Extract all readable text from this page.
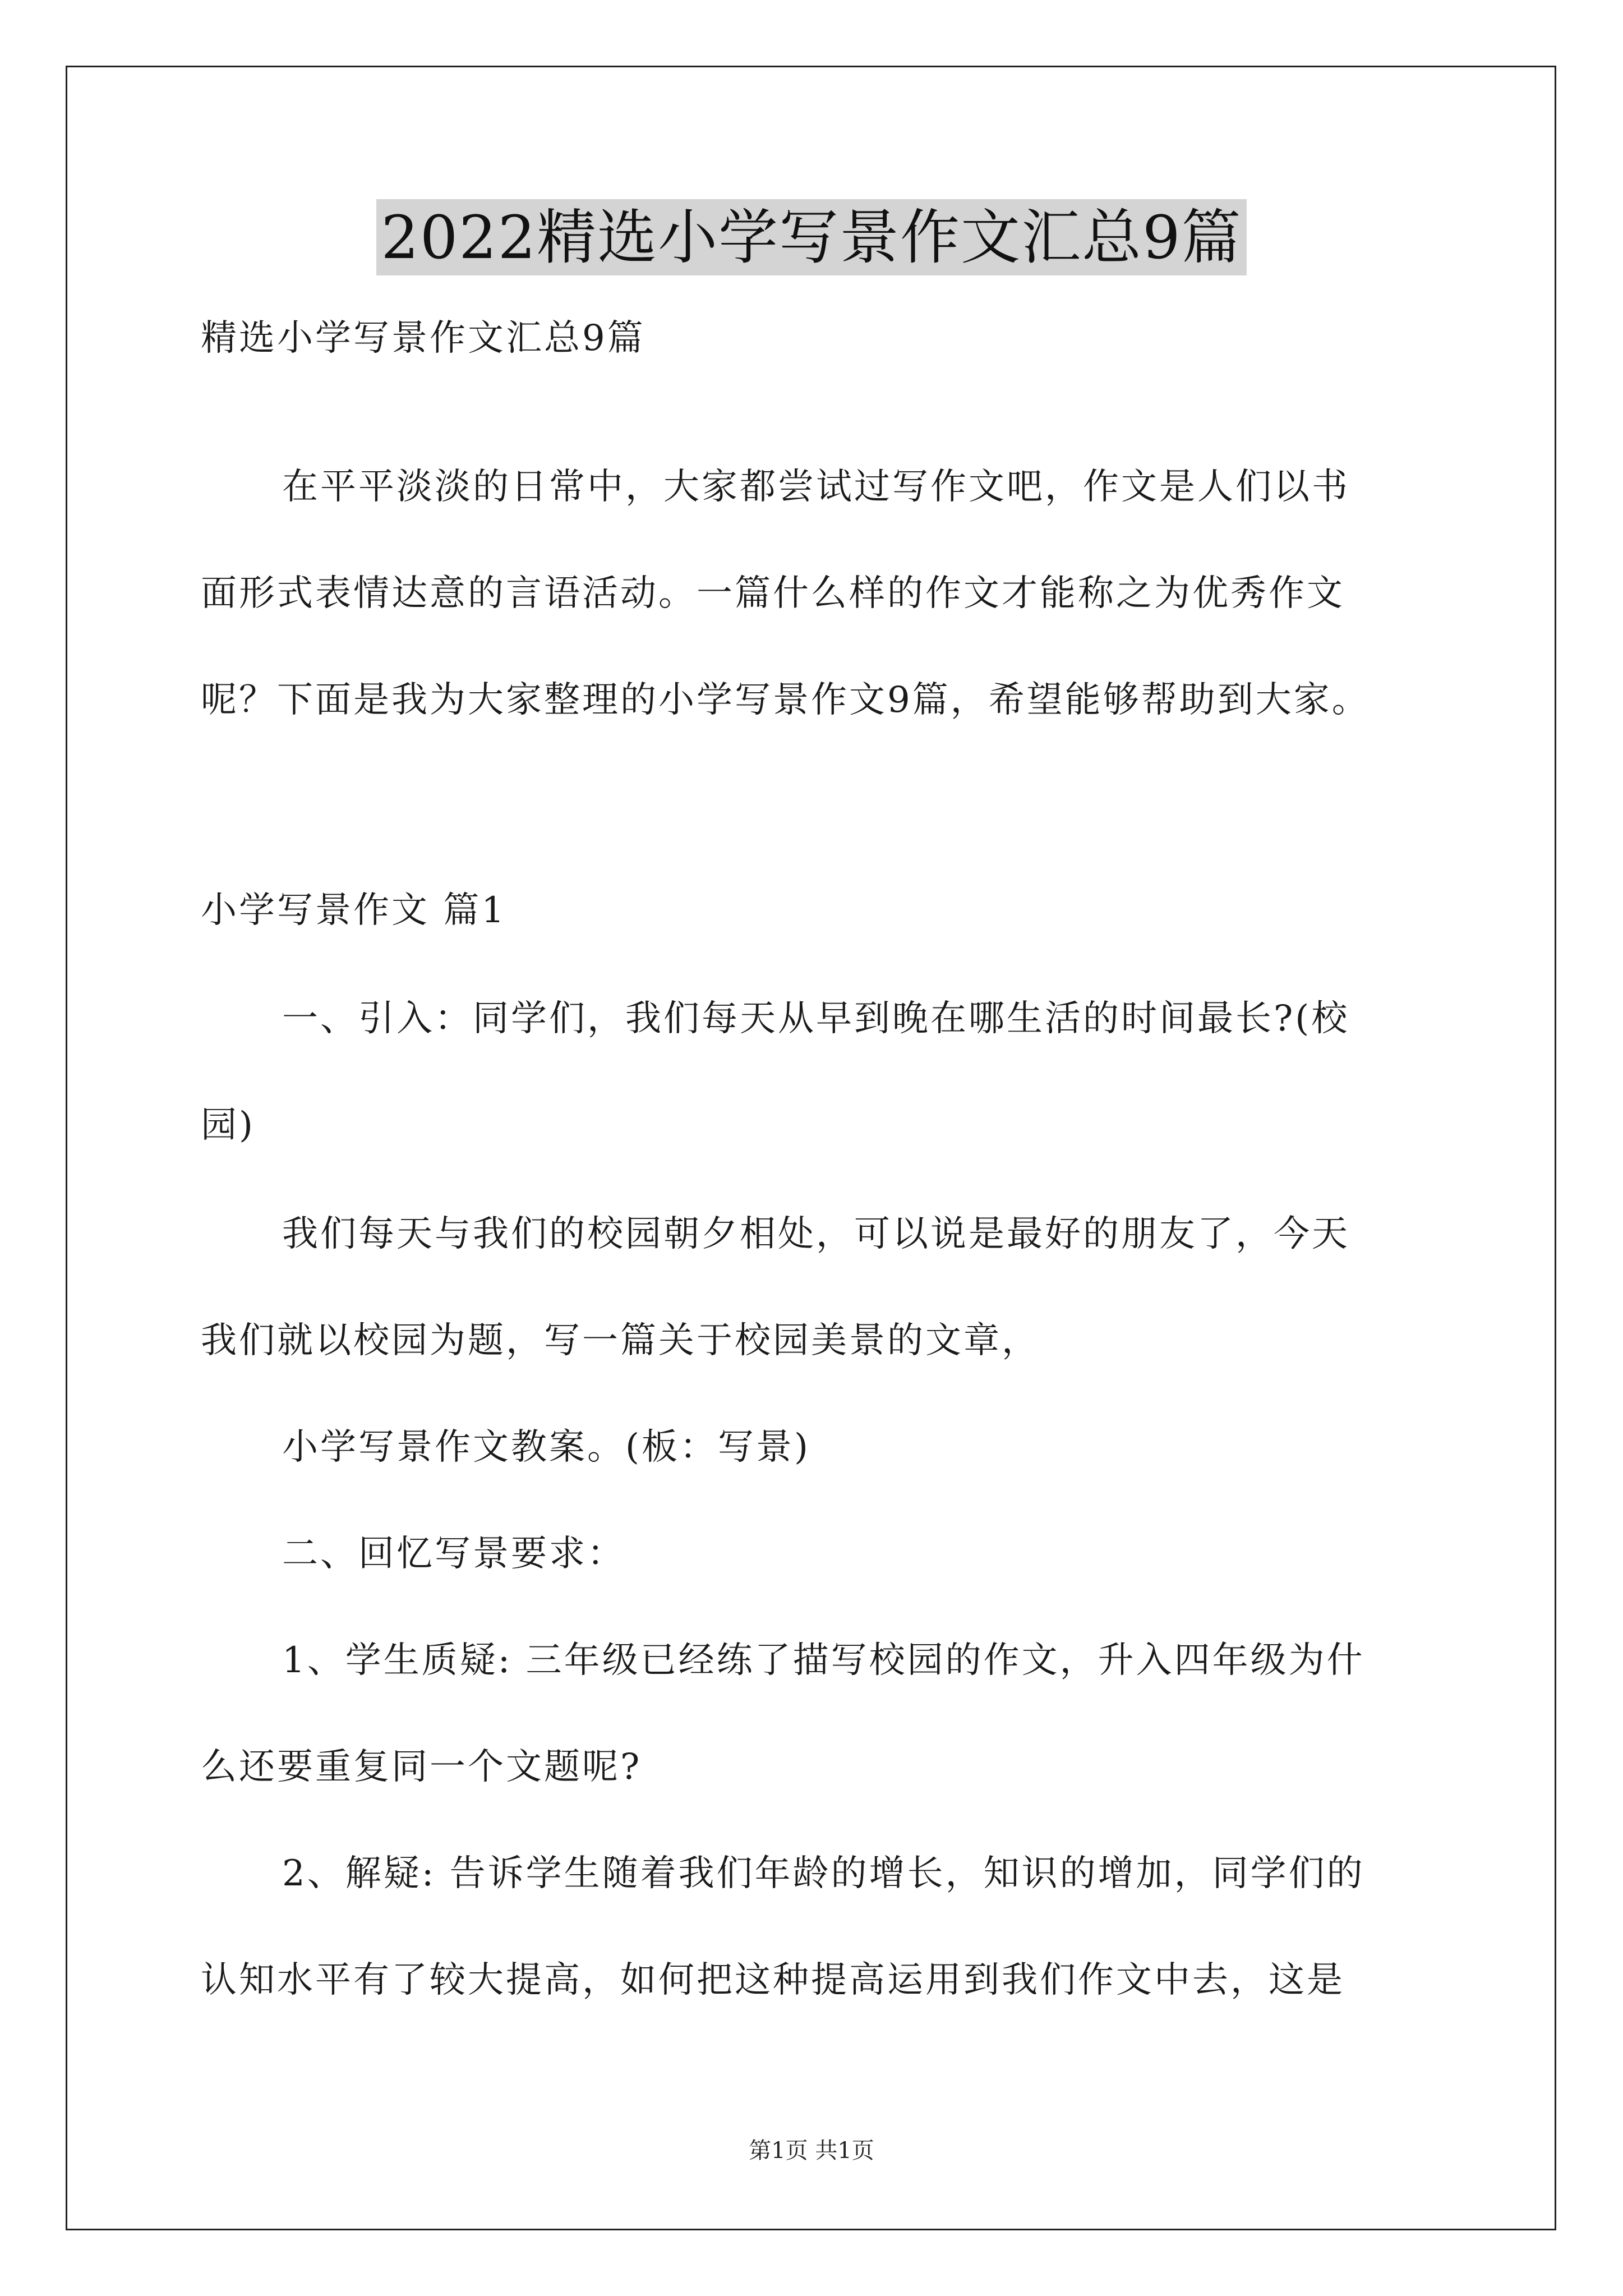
2022精选小学写景作文汇总9篇
精选小学写景作文汇总9篇
在平平淡淡的日常中，大家都尝试过写作文吧，作文是人们以书
面形式表情达意的言语活动。一篇什么样的作文才能称之为优秀作文
呢？下面是我为大家整理的小学写景作文9篇，希望能够帮助到大家。
小学写景作文 篇1
一、引入：同学们，我们每天从早到晚在哪生活的时间最长?(校
园)
我们每天与我们的校园朝夕相处，可以说是最好的朋友了，今天
我们就以校园为题，写一篇关于校园美景的文章，
小学写景作文教案。(板：写景)
二、回忆写景要求：
1、学生质疑: 三年级已经练了描写校园的作文，升入四年级为什
么还要重复同一个文题呢?
2、解疑: 告诉学生随着我们年龄的增长，知识的增加，同学们的
认知水平有了较大提高，如何把这种提高运用到我们作文中去，这是
第1页 共1页
